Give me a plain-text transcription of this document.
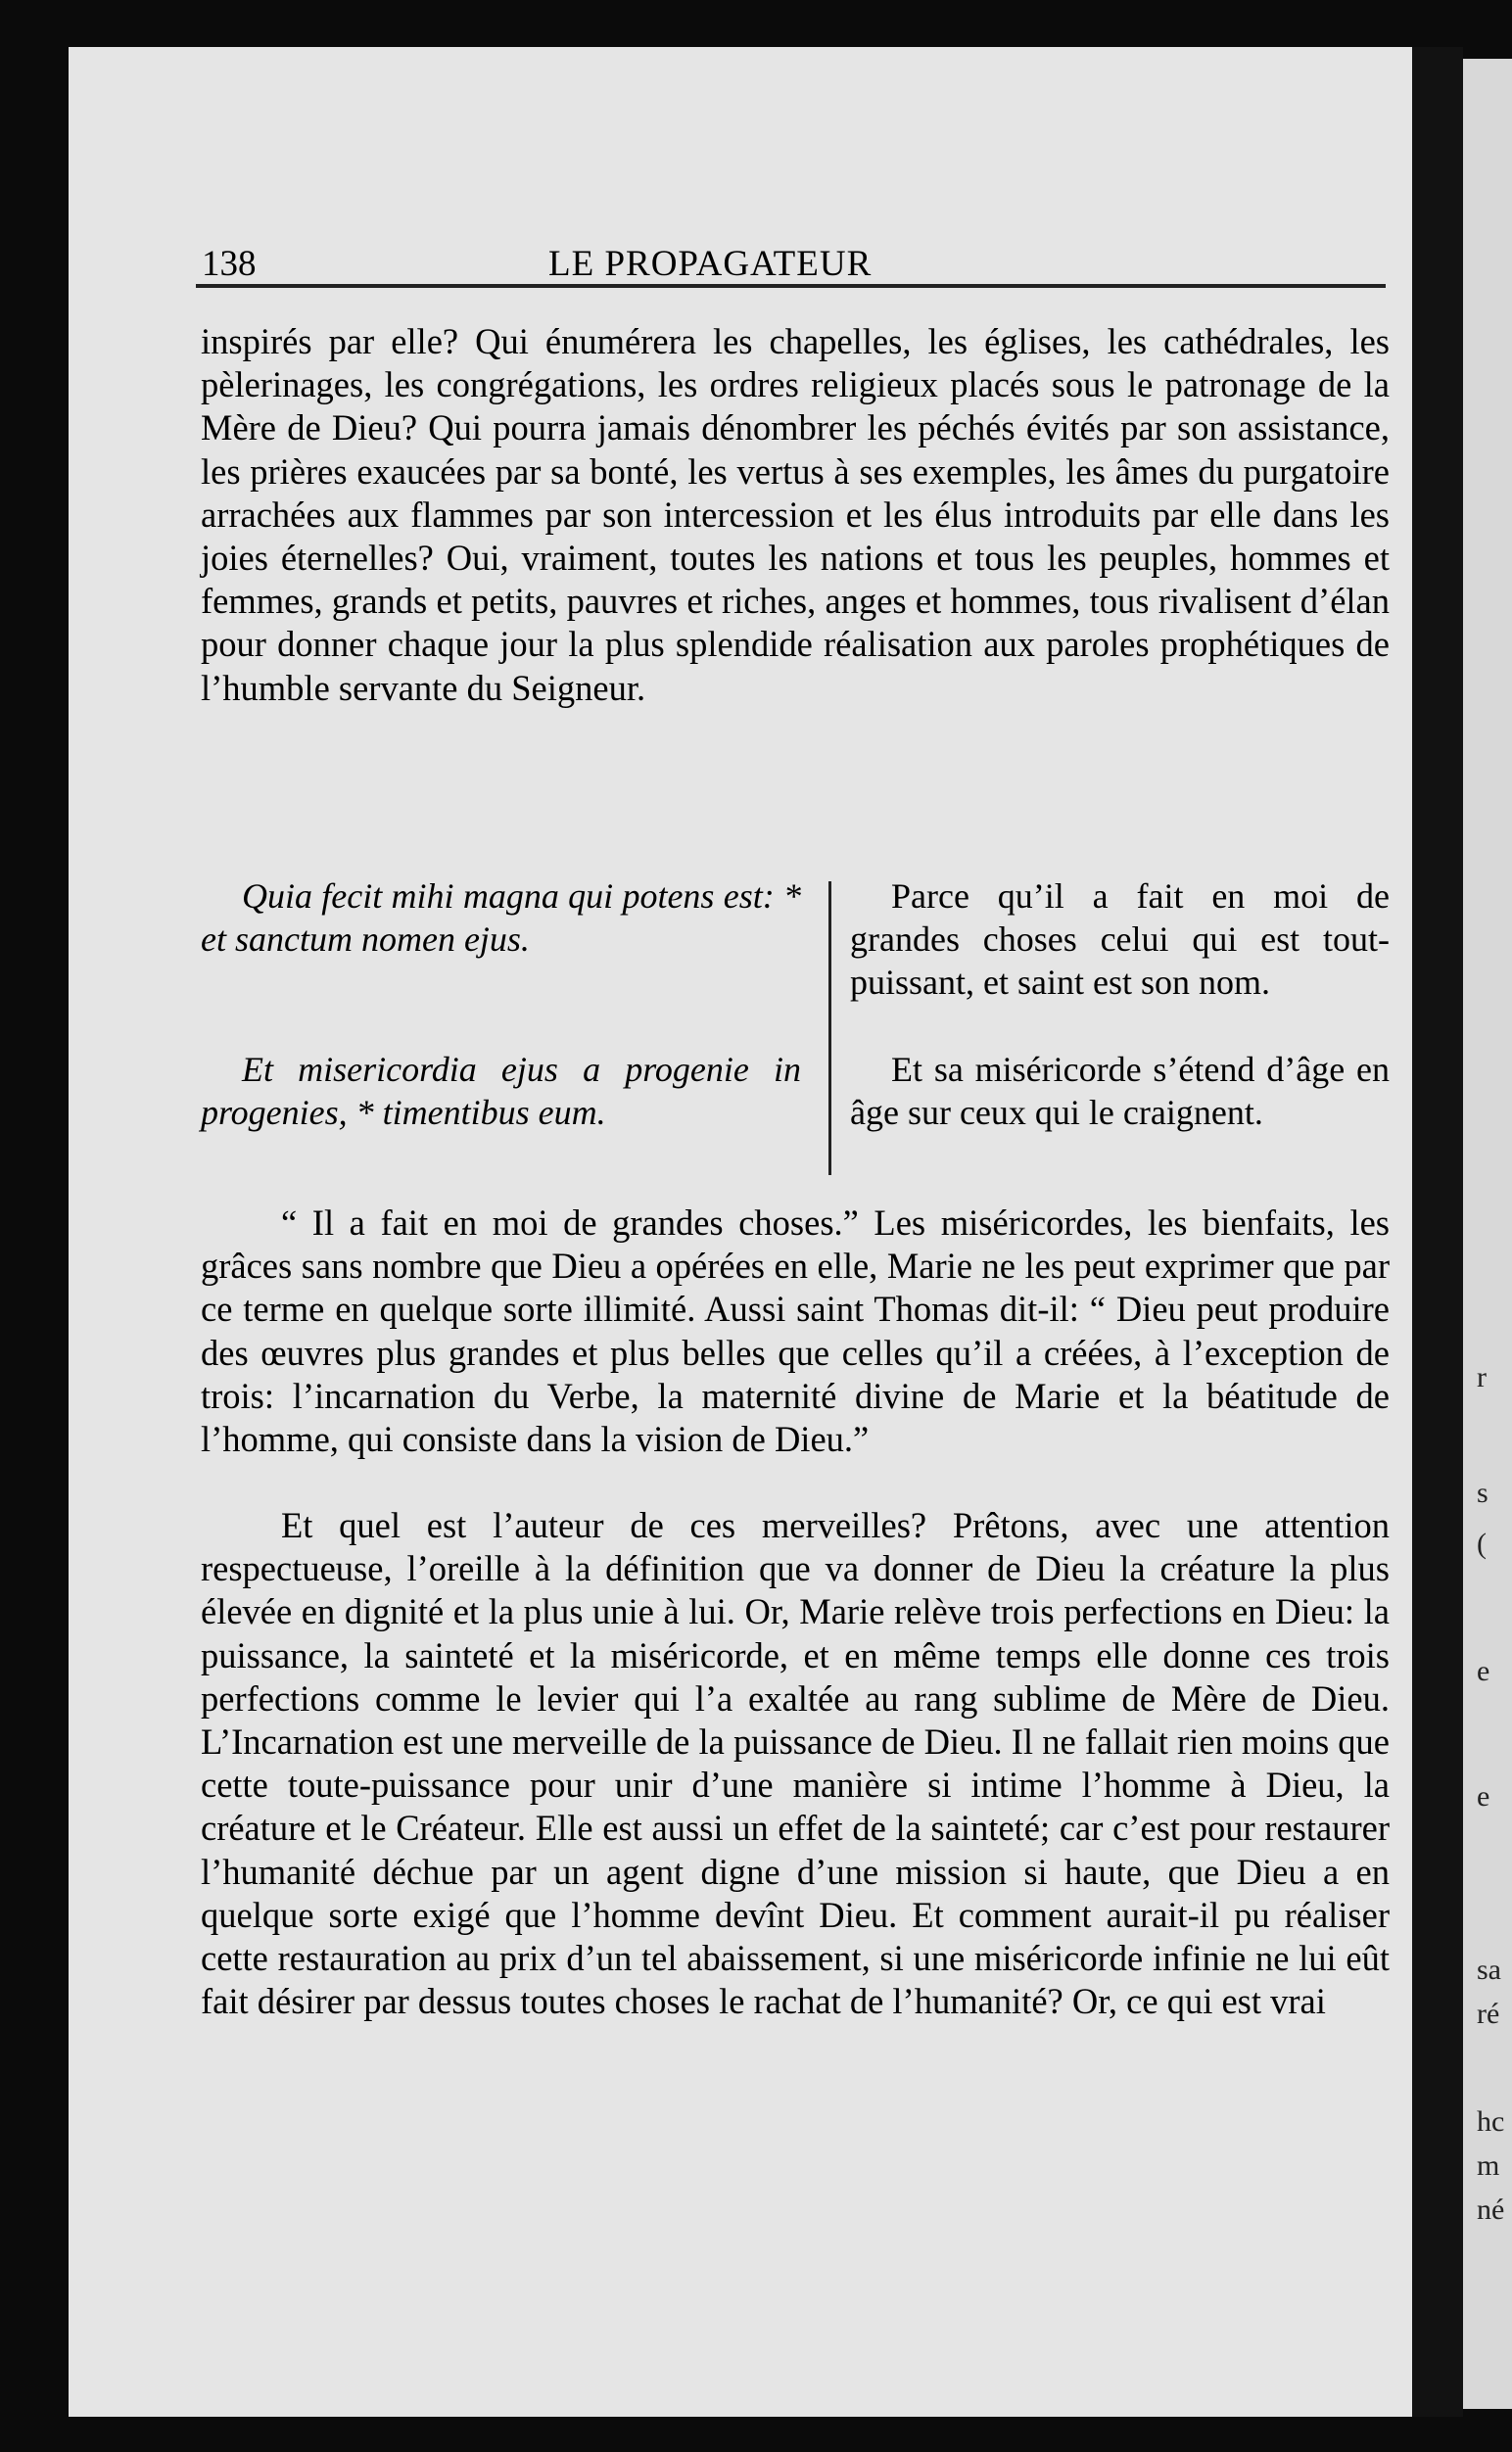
r
s
(
e
e
sa
ré
hc
m
né
138	LE PROPAGATEUR

inspirés par elle? Qui énumérera les chapelles, les églises, les cathédrales, les pèlerinages, les congrégations, les ordres religieux placés sous le patronage de la Mère de Dieu? Qui pourra jamais dénombrer les péchés évités par son assistance, les prières exaucées par sa bonté, les vertus à ses exemples, les âmes du purgatoire arrachées aux flammes par son intercession et les élus introduits par elle dans les joies éternelles? Oui, vraiment, toutes les nations et tous les peuples, hommes et femmes, grands et petits, pauvres et riches, anges et hommes, tous rivalisent d’élan pour donner chaque jour la plus splendide réalisation aux paroles prophétiques de l’humble servante du Seigneur.

Quia fecit mihi magna qui potens est: * et sanctum nomen ejus.

Et misericordia ejus a progenie in progenies, * timentibus eum.

Parce qu’il a fait en moi de grandes choses celui qui est tout-puissant, et saint est son nom.

Et sa miséricorde s’étend d’âge en âge sur ceux qui le craignent.

“ Il a fait en moi de grandes choses.” Les miséricordes, les bienfaits, les grâces sans nombre que Dieu a opérées en elle, Marie ne les peut exprimer que par ce terme en quelque sorte illimité. Aussi saint Thomas dit-il: “ Dieu peut produire des œuvres plus grandes et plus belles que celles qu’il a créées, à l’exception de trois: l’incarnation du Verbe, la maternité divine de Marie et la béatitude de l’homme, qui consiste dans la vision de Dieu.”

Et quel est l’auteur de ces merveilles? Prêtons, avec une attention respectueuse, l’oreille à la définition que va donner de Dieu la créature la plus élevée en dignité et la plus unie à lui. Or, Marie relève trois perfections en Dieu: la puissance, la sainteté et la miséricorde, et en même temps elle donne ces trois perfections comme le levier qui l’a exaltée au rang sublime de Mère de Dieu. L’Incarnation est une merveille de la puissance de Dieu. Il ne fallait rien moins que cette toute-puissance pour unir d’une manière si intime l’homme à Dieu, la créature et le Créateur. Elle est aussi un effet de la sainteté; car c’est pour restaurer l’humanité déchue par un agent digne d’une mission si haute, que Dieu a en quelque sorte exigé que l’homme devînt Dieu. Et comment aurait-il pu réaliser cette restauration au prix d’un tel abaissement, si une miséricorde infinie ne lui eût fait désirer par dessus toutes choses le rachat de l’humanité? Or, ce qui est vrai
